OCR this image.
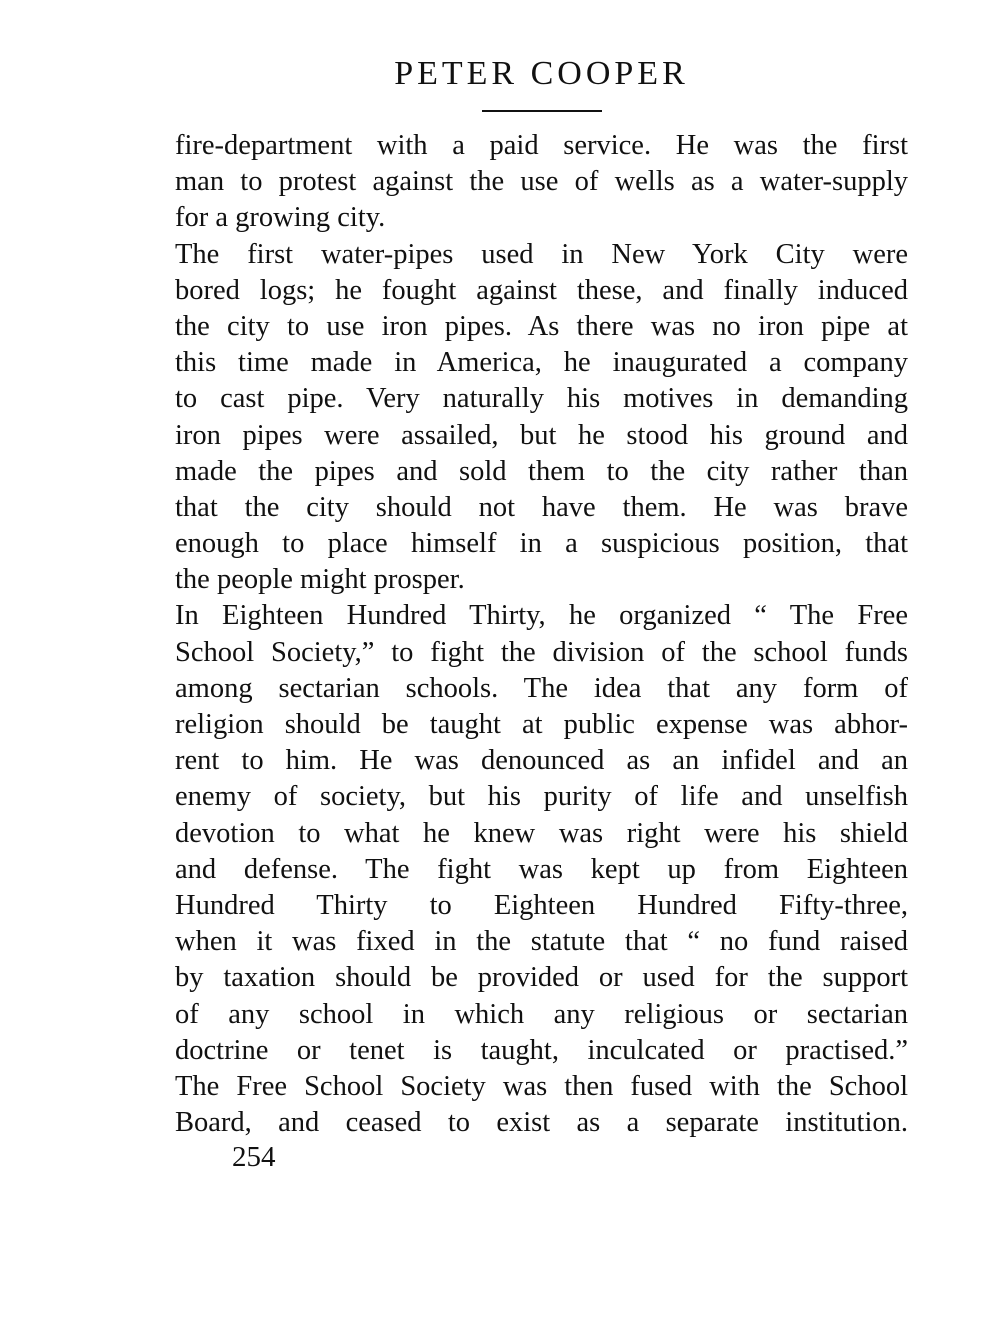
PETER COOPER
fire-department with a paid service. He was the first
man to protest against the use of wells as a water-supply
for a growing city.
The first water-pipes used in New York City were
bored logs; he fought against these, and finally induced
the city to use iron pipes. As there was no iron pipe at
this time made in America, he inaugurated a company
to cast pipe. Very naturally his motives in demanding
iron pipes were assailed, but he stood his ground and
made the pipes and sold them to the city rather than
that the city should not have them. He was brave
enough to place himself in a suspicious position, that
the people might prosper.
In Eighteen Hundred Thirty, he organized “ The Free
School Society,” to fight the division of the school funds
among sectarian schools. The idea that any form of
religion should be taught at public expense was abhor-
rent to him. He was denounced as an infidel and an
enemy of society, but his purity of life and unselfish
devotion to what he knew was right were his shield
and defense. The fight was kept up from Eighteen
Hundred Thirty to Eighteen Hundred Fifty-three,
when it was fixed in the statute that “ no fund raised
by taxation should be provided or used for the support
of any school in which any religious or sectarian
doctrine or tenet is taught, inculcated or practised.”
The Free School Society was then fused with the School
Board, and ceased to exist as a separate institution.
254
